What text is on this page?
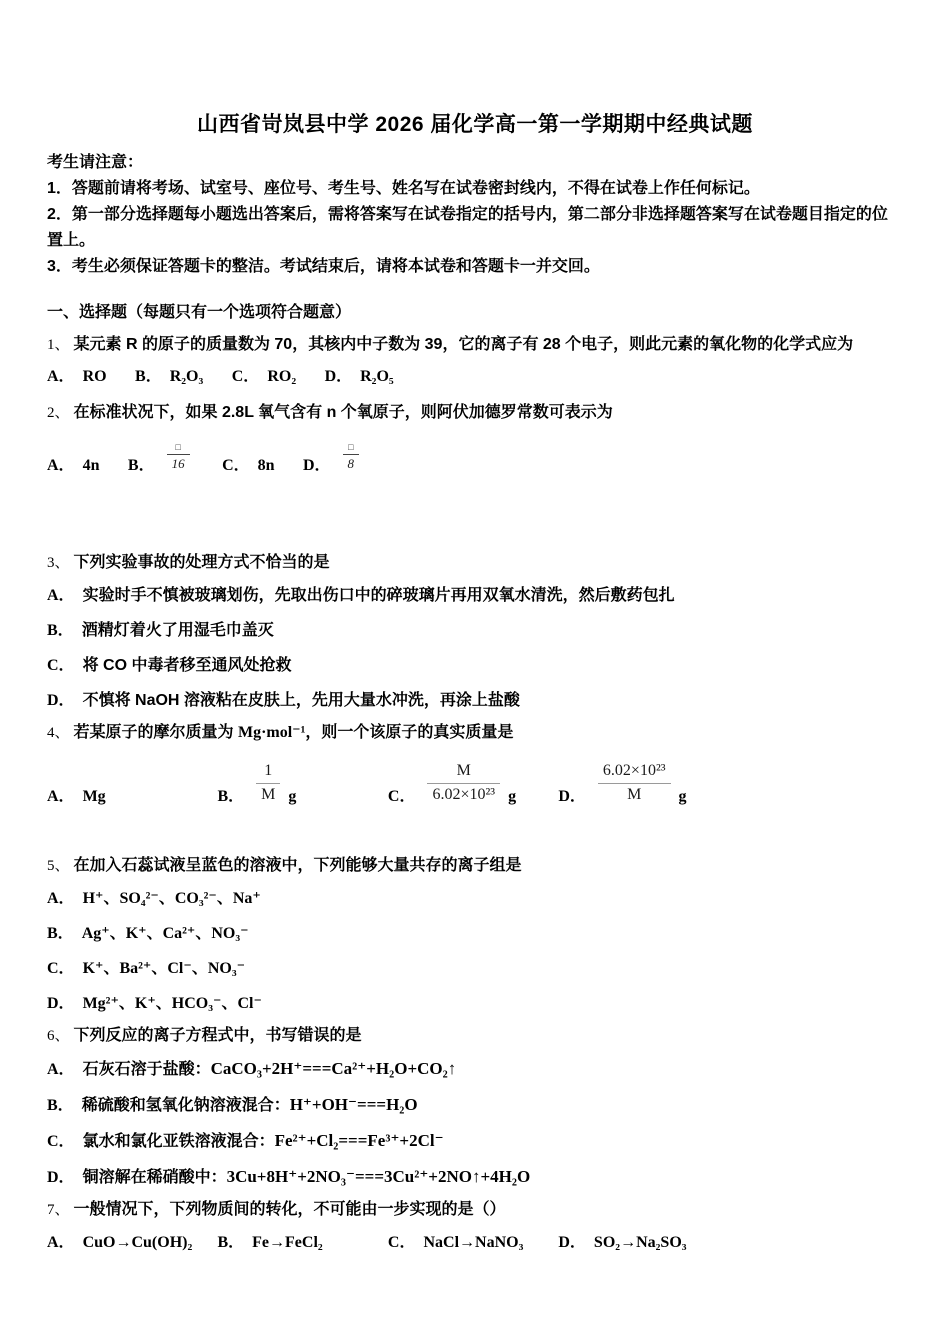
山西省岢岚县中学 2026 届化学高一第一学期期中经典试题

考生请注意：

1．答题前请将考场、试室号、座位号、考生号、姓名写在试卷密封线内，不得在试卷上作任何标记。

2．第一部分选择题每小题选出答案后，需将答案写在试卷指定的括号内，第二部分非选择题答案写在试卷题目指定的位置上。

3．考生必须保证答题卡的整洁。考试结束后，请将本试卷和答题卡一并交回。

一、选择题（每题只有一个选项符合题意）

1、 某元素 R 的原子的质量数为 70，其核内中子数为 39，它的离子有 28 个电子，则此元素的氧化物的化学式应为

A． RO B． R₂O₃ C． RO₂ D． R₂O₅

2、 在标准状况下，如果 2.8L 氧气含有 n 个氧原子，则阿伏加德罗常数可表示为

A． 4n B． $\frac{□}{16}$ C． 8n D． $\frac{□}{8}$

3、 下列实验事故的处理方式不恰当的是

A． 实验时手不慎被玻璃划伤，先取出伤口中的碎玻璃片再用双氧水清洗，然后敷药包扎

B． 酒精灯着火了用湿毛巾盖灭

C． 将 CO 中毒者移至通风处抢救

D． 不慎将 NaOH 溶液粘在皮肤上，先用大量水冲洗，再涂上盐酸

4、 若某原子的摩尔质量为 Mg·mol⁻¹，则一个该原子的真实质量是

A． Mg	B． $\frac{1}{M}$ g	C． $\frac{M}{\text{6.02×10²³}}$ g	D． $\frac{\text{6.02×10²³}}{M}$ g

5、 在加入石蕊试液呈蓝色的溶液中，下列能够大量共存的离子组是

A． H⁺、SO₄²⁻、CO₃²⁻、Na⁺

B． Ag⁺、K⁺、Ca²⁺、NO₃⁻

C． K⁺、Ba²⁺、Cl⁻、NO₃⁻

D． Mg²⁺、K⁺、HCO₃⁻、Cl⁻

6、 下列反应的离子方程式中，书写错误的是

A． 石灰石溶于盐酸：CaCO₃+2H⁺===Ca²⁺+H₂O+CO₂↑

B． 稀硫酸和氢氧化钠溶液混合：H⁺+OH⁻===H₂O

C． 氯水和氯化亚铁溶液混合：Fe²⁺+Cl₂===Fe³⁺+2Cl⁻

D． 铜溶解在稀硝酸中：3Cu+8H⁺+2NO₃⁻===3Cu²⁺+2NO↑+4H₂O

7、 一般情况下，下列物质间的转化，不可能由一步实现的是（）

A． CuO→Cu(OH)₂ B． Fe→FeCl₂	C． NaCl→NaNO₃ D． SO₂→Na₂SO₃
